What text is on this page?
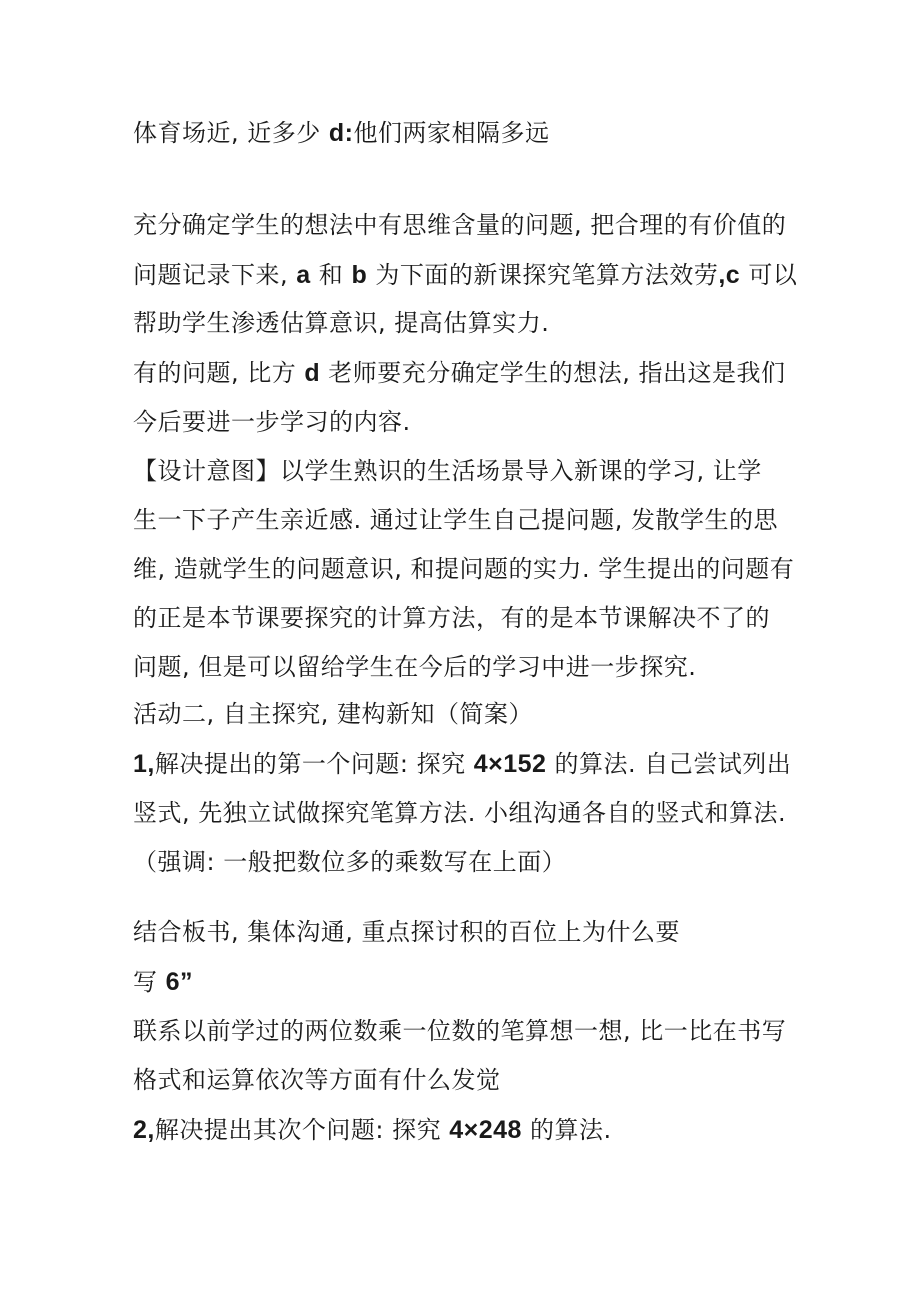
体育场近, 近多少 d:他们两家相隔多远
充分确定学生的想法中有思维含量的问题, 把合理的有价值的
问题记录下来, a 和 b 为下面的新课探究笔算方法效劳,c 可以
帮助学生渗透估算意识, 提高估算实力.
有的问题, 比方 d 老师要充分确定学生的想法, 指出这是我们
今后要进一步学习的内容.
【设计意图】以学生熟识的生活场景导入新课的学习, 让学
生一下子产生亲近感. 通过让学生自己提问题, 发散学生的思
维, 造就学生的问题意识, 和提问题的实力. 学生提出的问题有
的正是本节课要探究的计算方法，有的是本节课解决不了的
问题, 但是可以留给学生在今后的学习中进一步探究.
活动二, 自主探究, 建构新知（简案）
1,解决提出的第一个问题: 探究 4×152 的算法. 自己尝试列出
竖式, 先独立试做探究笔算方法. 小组沟通各自的竖式和算法.
（强调: 一般把数位多的乘数写在上面）
结合板书, 集体沟通, 重点探讨积的百位上为什么要
写 6”
联系以前学过的两位数乘一位数的笔算想一想, 比一比在书写
格式和运算依次等方面有什么发觉
2,解决提出其次个问题: 探究 4×248 的算法.
